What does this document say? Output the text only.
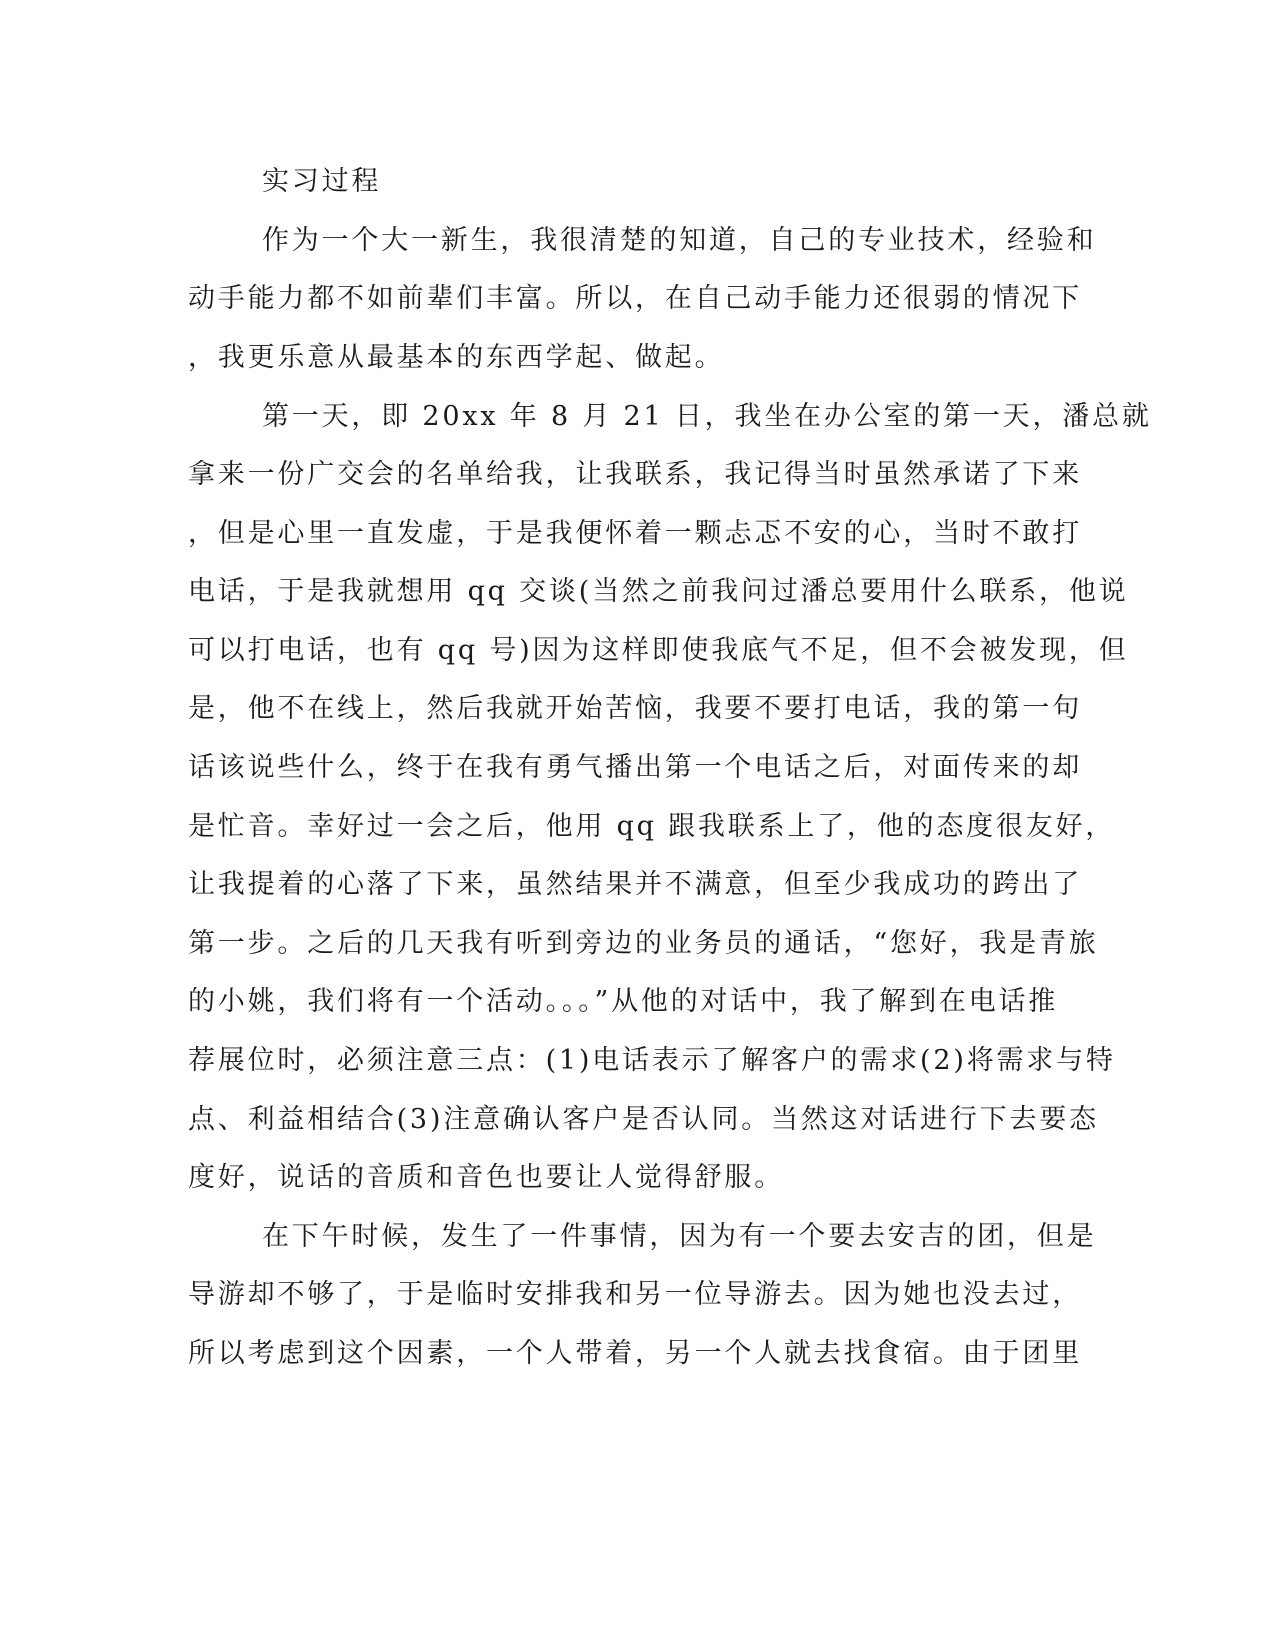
实习过程
作为一个大一新生，我很清楚的知道，自己的专业技术，经验和
动手能力都不如前辈们丰富。所以，在自己动手能力还很弱的情况下
，我更乐意从最基本的东西学起、做起。
第一天，即 20xx 年 8 月 21 日，我坐在办公室的第一天，潘总就
拿来一份广交会的名单给我，让我联系，我记得当时虽然承诺了下来
，但是心里一直发虚，于是我便怀着一颗忐忑不安的心，当时不敢打
电话，于是我就想用 qq 交谈(当然之前我问过潘总要用什么联系，他说
可以打电话，也有 qq 号)因为这样即使我底气不足，但不会被发现，但
是，他不在线上，然后我就开始苦恼，我要不要打电话，我的第一句
话该说些什么，终于在我有勇气播出第一个电话之后，对面传来的却
是忙音。幸好过一会之后，他用 qq 跟我联系上了，他的态度很友好，
让我提着的心落了下来，虽然结果并不满意，但至少我成功的跨出了
第一步。之后的几天我有听到旁边的业务员的通话，“您好，我是青旅
的小姚，我们将有一个活动。。。”从他的对话中，我了解到在电话推
荐展位时，必须注意三点：(1)电话表示了解客户的需求(2)将需求与特
点、利益相结合(3)注意确认客户是否认同。当然这对话进行下去要态
度好，说话的音质和音色也要让人觉得舒服。
在下午时候，发生了一件事情，因为有一个要去安吉的团，但是
导游却不够了，于是临时安排我和另一位导游去。因为她也没去过，
所以考虑到这个因素，一个人带着，另一个人就去找食宿。由于团里
